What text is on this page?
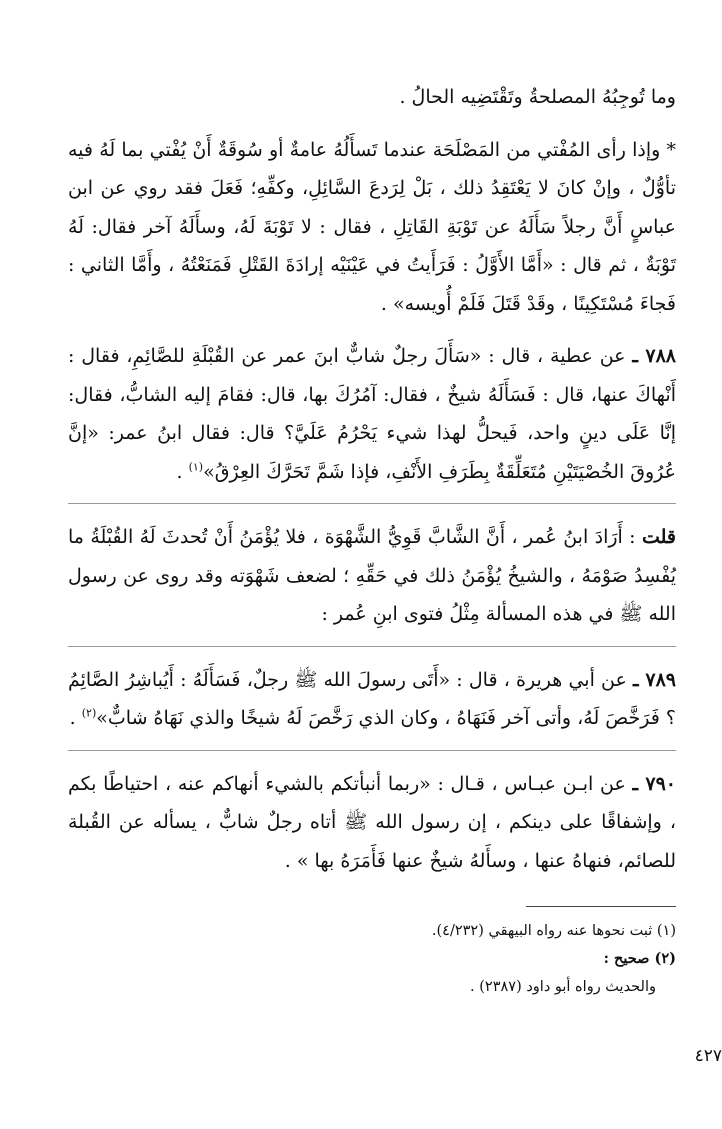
وما تُوجِبُهُ المصلحةُ وتَقْتَضِيه الحالُ .

* وإذا رأى المُفْتي من المَصْلَحَة عندما تَسأَلُهُ عامةٌ أو سُوقَةٌ أَنْ يُفْتي بما لَهُ فيه تأوُّلٌ ، وإنْ كانَ لا يَعْتَقِدُ ذلك ، بَلْ لِرَدعَ السَّائِلِ، وكفِّهِ؛ فَعَلَ فقد روي عن ابن عباسٍ أَنَّ رجلاً سَأَلَهُ عن تَوْبَةِ القَاتِلِ ، فقال : لا تَوْبَةَ لَهُ، وسأَلَهُ آخر فقال: لَهُ تَوْبَةٌ ، ثم قال : «أَمَّا الأَوَّلُ : فَرَأَيتُ في عَيْنَيْه إرادَةَ القَتْلِ فَمَنَعْتُهُ ، وأَمَّا الثاني : فَجاءَ مُسْتَكِينًا ، وقَدْ قَتَلَ فَلَمْ أُويسه» .

٧٨٨ ـ عن عطية ، قال : «سَأَلَ رجلٌ شابٌّ ابنَ عمر عن القُبْلَةِ للصَّائِمِ، فقال : أَنْهاكَ عنها، قال : فَسَأَلَهُ شيخٌ ، فقال: آمُرُكَ بها، قال: فقامَ إليه الشابُّ، فقال: إنَّا عَلَى دينٍ واحد، فَيحلُّ لهذا شيء يَحْرُمُ عَلَيَّ؟ قال: فقال ابنُ عمر: «إنَّ عُرُوقَ الخُصْيَتَيْنِ مُتَعَلِّقَةٌ بِطَرَفِ الأَنْفِ، فإذا شَمَّ تَحَرَّكَ العِرْقُ»$^{(١)}$ .

قلت : أَرَادَ ابنُ عُمر ، أَنَّ الشَّابَّ قَوِيُّ الشَّهْوَة ، فلا يُؤْمَنُ أَنْ تُحدثَ لَهُ القُبْلَةُ ما يُفْسِدُ صَوْمَهُ ، والشيخُ يُؤْمَنُ ذلك في حَقِّهِ ؛ لضعف شَهْوَته وقد روى عن رسول الله ﷺ في هذه المسألة مِثْلُ فتوى ابنِ عُمر :

٧٨٩ ـ عن أبي هريرة ، قال : «أَتَى رسولَ الله ﷺ رجلٌ، فَسَأَلَهُ : أَيُباشِرُ الصَّائِمُ ؟ فَرَخَّصَ لَهُ، وأتى آخر فَنَهَاهُ ، وكان الذي رَخَّصَ لَهُ شيخًا والذي نَهَاهُ شابٌّ»$^{(٢)}$ .

٧٩٠ ـ عن ابـن عبـاس ، قـال : «ربما أنبأتكم بالشيء أنهاكم عنه ، احتياطًا بكم ، وإشفاقًا على دينكم ، إن رسول الله ﷺ أتاه رجلٌ شابٌّ ، يسأله عن القُبلة للصائم، فنهاهُ عنها ، وسأَلهُ شيخٌ عنها فَأَمَرَهُ بها » .

(١) ثبت نحوها عنه رواه البيهقي (٤/٢٣٢).

(٢) صحيح :

والحديث رواه أبو داود (٢٣٨٧) .

٤٢٧
